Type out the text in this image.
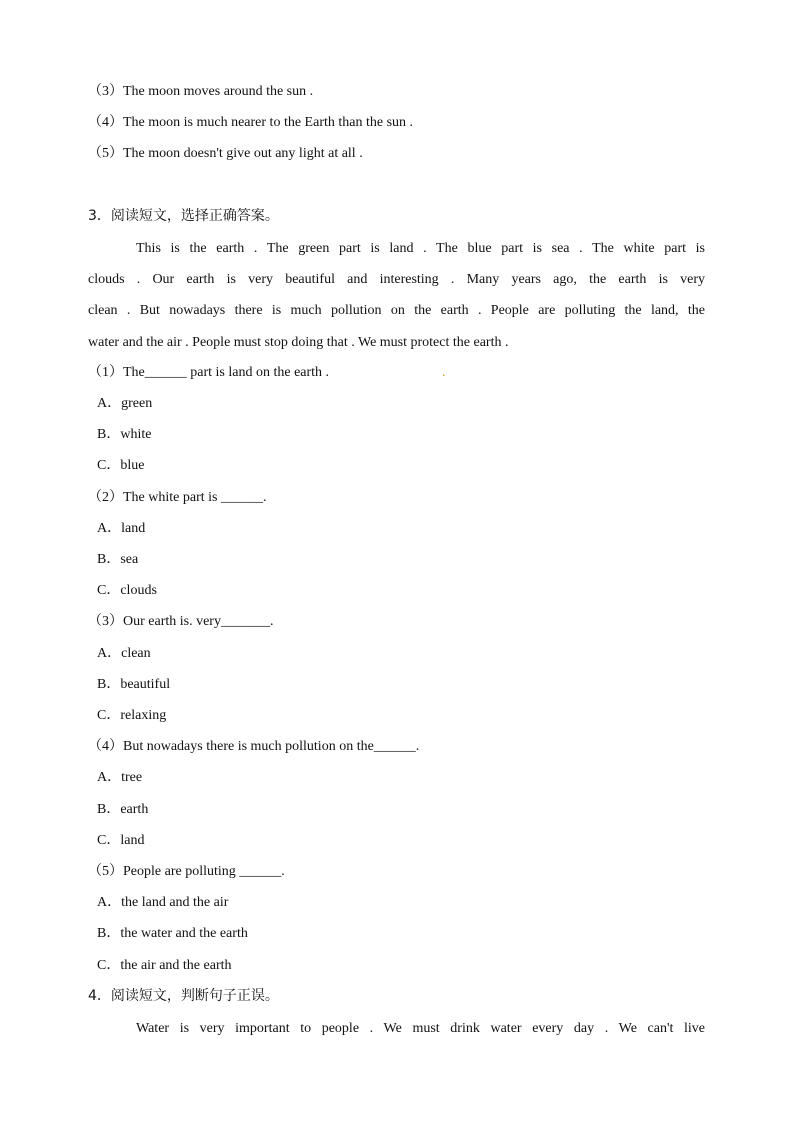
（3）The moon moves around the sun .
（4）The moon is much nearer to the Earth than the sun .
（5）The moon doesn't give out any light at all .
3．阅读短文，选择正确答案。
This is the earth . The green part is land . The blue part is sea . The white part is
clouds . Our earth is very beautiful and interesting . Many years ago, the earth is very
clean . But nowadays there is much pollution on the earth . People are polluting the land, the
water and the air . People must stop doing that . We must protect the earth .
（1）The______ part is land on the earth .	.
A．green
B．white
C．blue
（2）The white part is ______.
A．land
B．sea
C．clouds
（3）Our earth is. very_______.
A．clean
B．beautiful
C．relaxing
（4）But nowadays there is much pollution on the______.
A．tree
B．earth
C．land
（5）People are polluting ______.
A．the land and the air
B．the water and the earth
C．the air and the earth
4．阅读短文，判断句子正误。
Water is very important to people . We must drink water every day . We can't live
